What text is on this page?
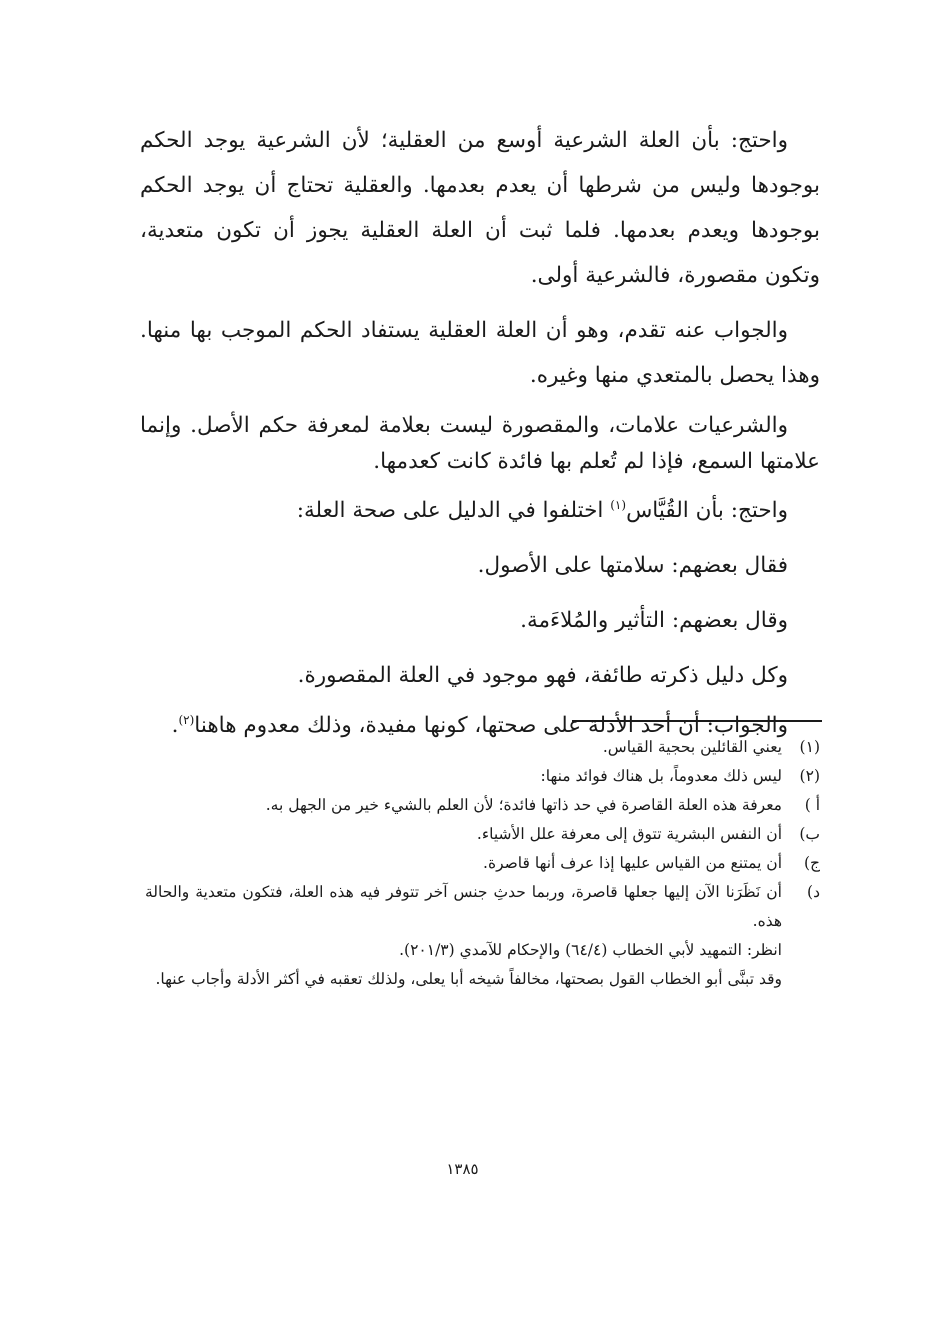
واحتج: بأن العلة الشرعية أوسع من العقلية؛ لأن الشرعية يوجد الحكم بوجودها وليس من شرطها أن يعدم بعدمها. والعقلية تحتاج أن يوجد الحكم بوجودها ويعدم بعدمها. فلما ثبت أن العلة العقلية يجوز أن تكون متعدية، وتكون مقصورة، فالشرعية أولى.

والجواب عنه تقدم، وهو أن العلة العقلية يستفاد الحكم الموجب بها منها. وهذا يحصل بالمتعدي منها وغيره.

والشرعيات علامات، والمقصورة ليست بعلامة لمعرفة حكم الأصل. وإنما علامتها السمع، فإذا لم تُعلم بها فائدة كانت كعدمها.

واحتج: بأن القُيَّاس$^{(١)}$ اختلفوا في الدليل على صحة العلة:

فقال بعضهم: سلامتها على الأصول.

وقال بعضهم: التأثير والمُلاءَمة.

وكل دليل ذكرته طائفة، فهو موجود في العلة المقصورة.

والجواب: أن أحد الأدلة على صحتها، كونها مفيدة، وذلك معدوم هاهنا$^{(٢)}$.

(١)
يعني القائلين بحجية القياس.
(٢)
ليس ذلك معدوماً، بل هناك فوائد منها:
أ )
معرفة هذه العلة القاصرة في حد ذاتها فائدة؛ لأن العلم بالشيء خير من الجهل به.
ب)
أن النفس البشرية تتوق إلى معرفة علل الأشياء.
ج)
أن يمتنع من القياس عليها إذا عرف أنها قاصرة.
د)
أن نَظَرَنا الآن إليها جعلها قاصرة، وربما حدثِ جنس آخر تتوفر فيه هذه العلة، فتكون متعدية والحالة هذه.
انظر: التمهيد لأبي الخطاب (٦٤/٤) والإحكام للآمدي (٢٠١/٣).
وقد تبنَّى أبو الخطاب القول بصحتها، مخالفاً شيخه أبا يعلى، ولذلك تعقبه في أكثر الأدلة وأجاب عنها.
١٣٨٥
